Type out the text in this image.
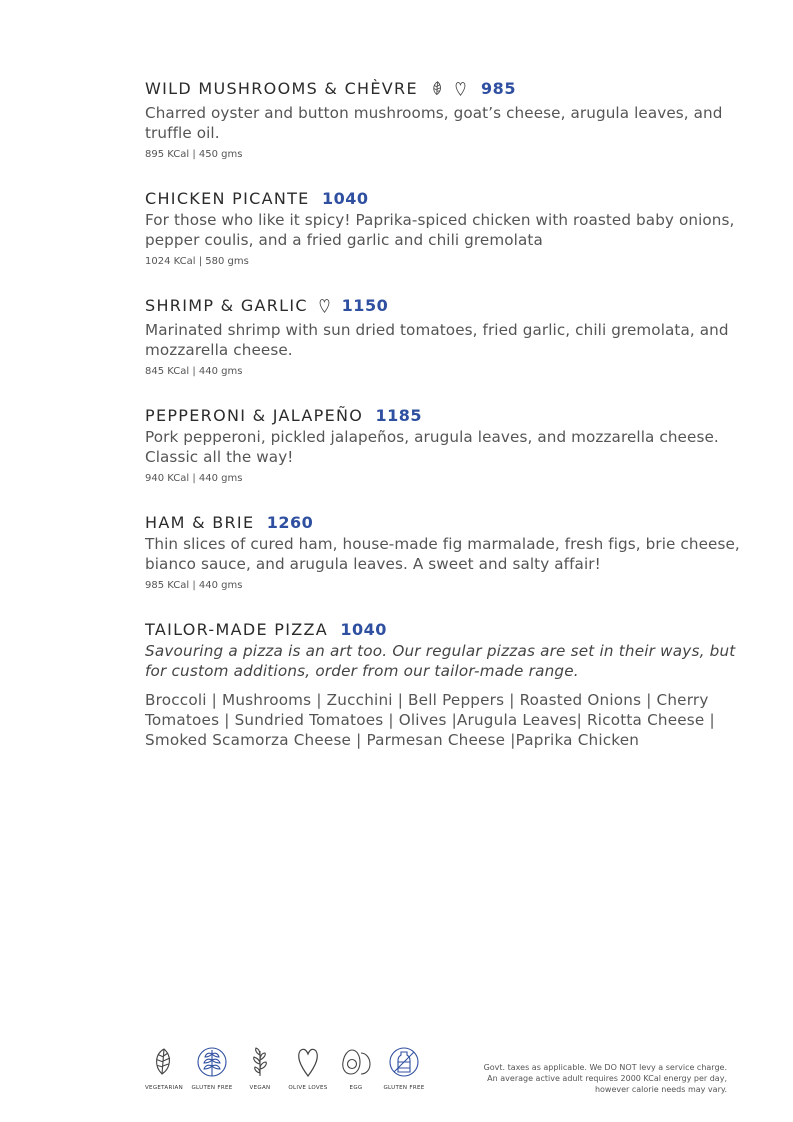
WILD MUSHROOMS & CHÈVRE	985
Charred oyster and button mushrooms, goat’s cheese, arugula leaves, and truffle oil.
895 KCal | 450 gms
CHICKEN PICANTE 1040
For those who like it spicy! Paprika-spiced chicken with roasted baby onions, pepper coulis, and a fried garlic and chili gremolata
1024 KCal | 580 gms
SHRIMP & GARLIC 1150
Marinated shrimp with sun dried tomatoes, fried garlic, chili gremolata, and mozzarella cheese.
845 KCal | 440 gms
PEPPERONI & JALAPEÑO 1185
Pork pepperoni, pickled jalapeños, arugula leaves, and mozzarella cheese. Classic all the way!
940 KCal | 440 gms
HAM & BRIE 1260
Thin slices of cured ham, house-made fig marmalade, fresh figs, brie cheese, bianco sauce, and arugula leaves. A sweet and salty affair!
985 KCal | 440 gms
TAILOR-MADE PIZZA 1040
Savouring a pizza is an art too. Our regular pizzas are set in their ways, but for custom additions, order from our tailor-made range.
Broccoli | Mushrooms | Zucchini | Bell Peppers | Roasted Onions | Cherry Tomatoes | Sundried Tomatoes | Olives |Arugula Leaves| Ricotta Cheese | Smoked Scamorza Cheese | Parmesan Cheese |Paprika Chicken
VEGETARIAN	GLUTEN FREE	VEGAN	OLIVE LOVES	EGG	GLUTEN FREE
Govt. taxes as applicable. We DO NOT levy a service charge.
An average active adult requires 2000 KCal energy per day,
however calorie needs may vary.
